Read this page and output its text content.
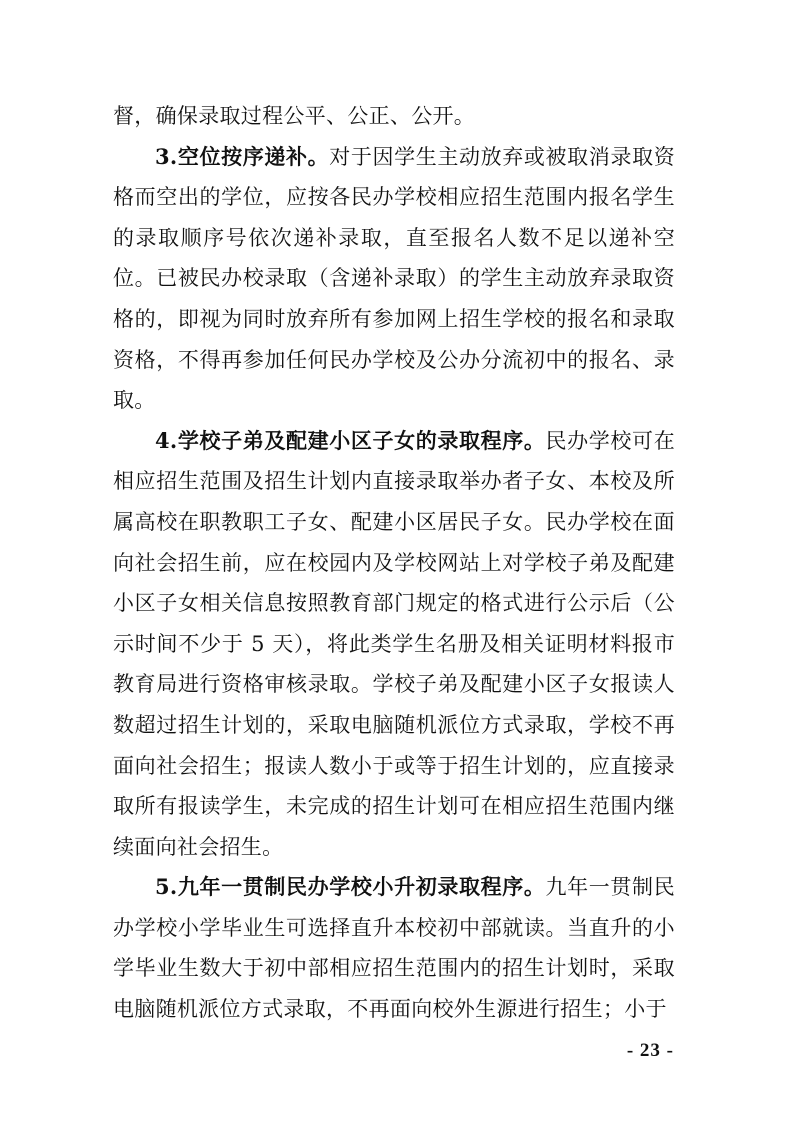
督，确保录取过程公平、公正、公开。

3.空位按序递补。对于因学生主动放弃或被取消录取资格而空出的学位，应按各民办学校相应招生范围内报名学生的录取顺序号依次递补录取，直至报名人数不足以递补空位。已被民办校录取（含递补录取）的学生主动放弃录取资格的，即视为同时放弃所有参加网上招生学校的报名和录取资格，不得再参加任何民办学校及公办分流初中的报名、录取。

4.学校子弟及配建小区子女的录取程序。民办学校可在相应招生范围及招生计划内直接录取举办者子女、本校及所属高校在职教职工子女、配建小区居民子女。民办学校在面向社会招生前，应在校园内及学校网站上对学校子弟及配建小区子女相关信息按照教育部门规定的格式进行公示后（公示时间不少于 5 天），将此类学生名册及相关证明材料报市教育局进行资格审核录取。学校子弟及配建小区子女报读人数超过招生计划的，采取电脑随机派位方式录取，学校不再面向社会招生；报读人数小于或等于招生计划的，应直接录取所有报读学生，未完成的招生计划可在相应招生范围内继续面向社会招生。

5.九年一贯制民办学校小升初录取程序。九年一贯制民办学校小学毕业生可选择直升本校初中部就读。当直升的小学毕业生数大于初中部相应招生范围内的招生计划时，采取电脑随机派位方式录取，不再面向校外生源进行招生；小于

- 23 -
